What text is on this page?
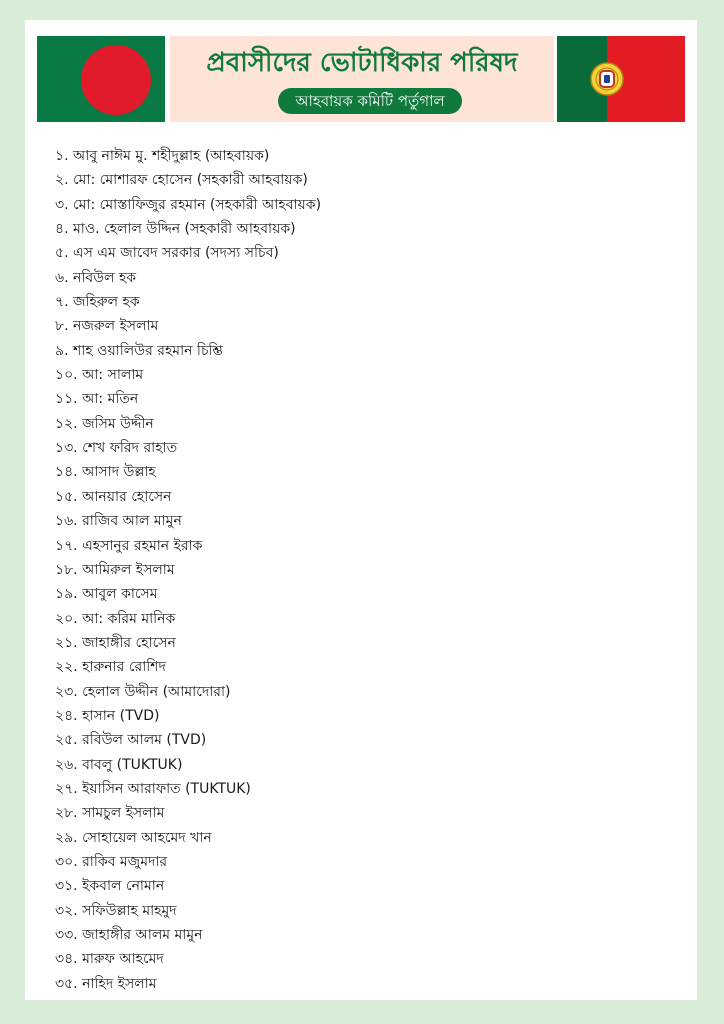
প্রবাসীদের ভোটাধিকার পরিষদ
আহবায়ক কমিটি পর্তুগাল
১. আবু নাঈম মু. শহীদুল্লাহ (আহবায়ক)
২. মো: মোশারফ হোসেন (সহকারী আহবায়ক)
৩. মো: মোস্তাফিজুর রহমান (সহকারী আহবায়ক)
৪. মাও. হেলাল উদ্দিন (সহকারী আহবায়ক)
৫. এস এম জাবেদ সরকার (সদস্য সচিব)
৬. নবিউল হক
৭. জহিরুল হক
৮. নজরুল ইসলাম
৯. শাহ ওয়ালিউর রহমান চিশ্তি
১০. আ: সালাম
১১. আ: মতিন
১২. জসিম উদ্দীন
১৩. শেখ ফরিদ রাহাত
১৪. আসাদ উল্লাহ
১৫. আনয়ার হোসেন
১৬. রাজিব আল মামুন
১৭. এহসানুর রহমান ইরাক
১৮. আমিরুল ইসলাম
১৯. আবুল কাসেম
২০. আ: করিম মানিক
২১. জাহাঙ্গীর হোসেন
২২. হারুনার রোশিদ
২৩. হেলাল উদ্দীন (আমাদোরা)
২৪. হাসান (TVD)
২৫. রবিউল আলম (TVD)
২৬. বাবলু (TUKTUK)
২৭. ইয়াসিন আরাফাত (TUKTUK)
২৮. সামচুল ইসলাম
২৯. সোহায়েল আহমেদ খান
৩০. রাকিব মজুমদার
৩১. ইকবাল নোমান
৩২. সফিউল্লাহ মাহমুদ
৩৩. জাহাঙ্গীর আলম মামুন
৩৪. মারুফ আহমেদ
৩৫. নাহিদ ইসলাম
